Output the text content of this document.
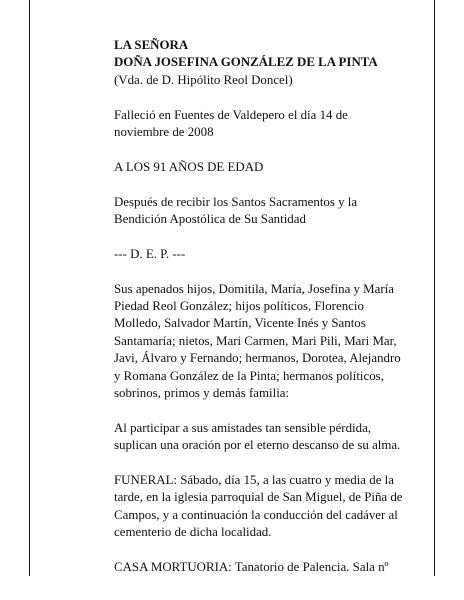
LA SEÑORA

DOÑA JOSEFINA GONZÁLEZ DE LA PINTA

(Vda. de D. Hipólito Reol Doncel)

Falleció en Fuentes de Valdepero el día 14 de

noviembre de 2008

A LOS 91 AÑOS DE EDAD

Después de recibir los Santos Sacramentos y la

Bendición Apostólica de Su Santidad

--- D. E. P. ---

Sus apenados hijos, Domitila, María, Josefina y María

Piedad Reol González; hijos políticos, Florencio

Molledo, Salvador Martín, Vicente Inés y Santos

Santamaría; nietos, Mari Carmen, Mari Pili, Mari Mar,

Javi, Álvaro y Fernando; hermanos, Dorotea, Alejandro

y Romana González de la Pinta; hermanos políticos,

sobrinos, primos y demás familia:

Al participar a sus amistades tan sensible pérdida,

suplican una oración por el eterno descanso de su alma.

FUNERAL: Sábado, día 15, a las cuatro y media de la

tarde, en la iglesia parroquial de San Miguel, de Piña de

Campos, y a continuación la conducción del cadáver al

cementerio de dicha localidad.

CASA MORTUORIA: Tanatorio de Palencia. Sala nº
